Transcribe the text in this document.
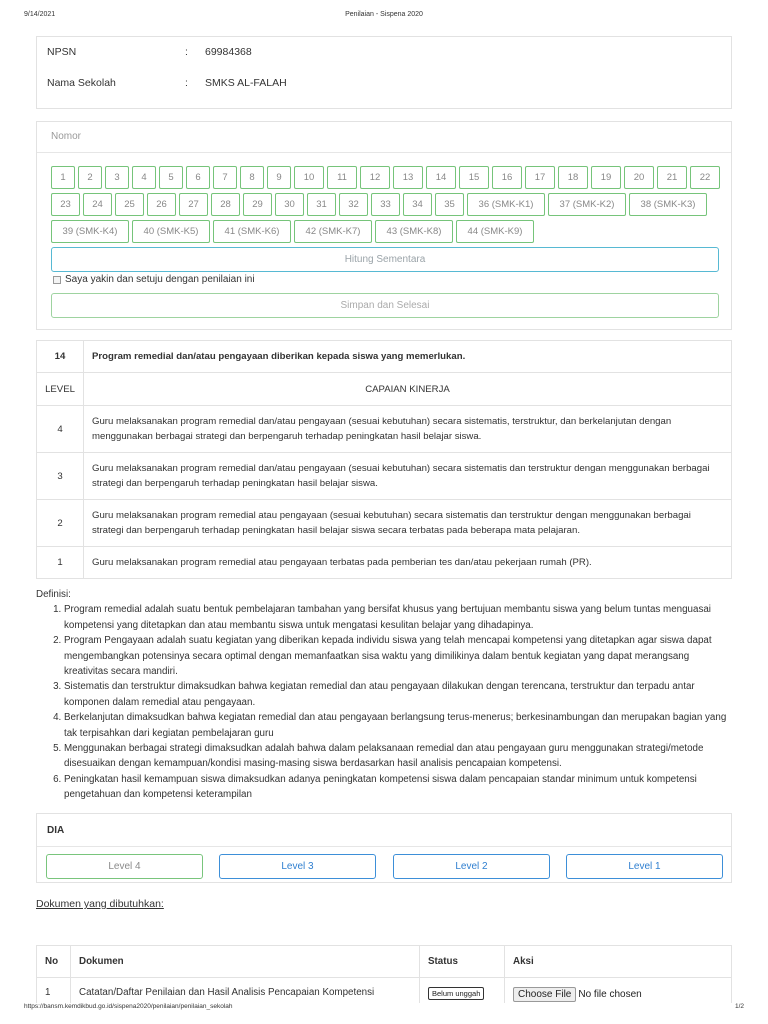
9/14/2021	Penilaian - Sispena 2020
NPSN	: 69984368
Nama Sekolah	: SMKS AL-FALAH
Nomor
1	2	3	4	5	6	7	8	9	10	11	12	13	14	15	16	17	18	19	20	21	22
23	24	25	26	27	28	29	30	31	32	33	34	35	36 (SMK-K1)	37 (SMK-K2)	38 (SMK-K3)
39 (SMK-K4)	40 (SMK-K5)	41 (SMK-K6)	42 (SMK-K7)	43 (SMK-K8)	44 (SMK-K9)
Hitung Sementara
Saya yakin dan setuju dengan penilaian ini
Simpan dan Selesai
14	Program remedial dan/atau pengayaan diberikan kepada siswa yang memerlukan.
LEVEL	CAPAIAN KINERJA
4	Guru melaksanakan program remedial dan/atau pengayaan (sesuai kebutuhan) secara sistematis, terstruktur, dan berkelanjutan dengan menggunakan berbagai strategi dan berpengaruh terhadap peningkatan hasil belajar siswa.
3	Guru melaksanakan program remedial dan/atau pengayaan (sesuai kebutuhan) secara sistematis dan terstruktur dengan menggunakan berbagai strategi dan berpengaruh terhadap peningkatan hasil belajar siswa.
2	Guru melaksanakan program remedial atau pengayaan (sesuai kebutuhan) secara sistematis dan terstruktur dengan menggunakan berbagai strategi dan berpengaruh terhadap peningkatan hasil belajar siswa secara terbatas pada beberapa mata pelajaran.
1	Guru melaksanakan program remedial atau pengayaan terbatas pada pemberian tes dan/atau pekerjaan rumah (PR).
Definisi:
1. Program remedial adalah suatu bentuk pembelajaran tambahan yang bersifat khusus yang bertujuan membantu siswa yang belum tuntas menguasai kompetensi yang ditetapkan dan atau membantu siswa untuk mengatasi kesulitan belajar yang dihadapinya.
2. Program Pengayaan adalah suatu kegiatan yang diberikan kepada individu siswa yang telah mencapai kompetensi yang ditetapkan agar siswa dapat mengembangkan potensinya secara optimal dengan memanfaatkan sisa waktu yang dimilikinya dalam bentuk kegiatan yang dapat merangsang kreativitas secara mandiri.
3. Sistematis dan terstruktur dimaksudkan bahwa kegiatan remedial dan atau pengayaan dilakukan dengan terencana, terstruktur dan terpadu antar komponen dalam remedial atau pengayaan.
4. Berkelanjutan dimaksudkan bahwa kegiatan remedial dan atau pengayaan berlangsung terus-menerus; berkesinambungan dan merupakan bagian yang tak terpisahkan dari kegiatan pembelajaran guru
5. Menggunakan berbagai strategi dimaksudkan adalah bahwa dalam pelaksanaan remedial dan atau pengayaan guru menggunakan strategi/metode disesuaikan dengan kemampuan/kondisi masing-masing siswa berdasarkan hasil analisis pencapaian kompetensi.
6. Peningkatan hasil kemampuan siswa dimaksudkan adanya peningkatan kompetensi siswa dalam pencapaian standar minimum untuk kompetensi pengetahuan dan kompetensi keterampilan
DIA
Level 4	Level 3	Level 2	Level 1
Dokumen yang dibutuhkan:
No	Dokumen	Status	Aksi
1	Catatan/Daftar Penilaian dan Hasil Analisis Pencapaian Kompetensi	Belum unggah	Choose File No file chosen
https://bansm.kemdikbud.go.id/sispena2020/penilaian/penilaian_sekolah	1/2
